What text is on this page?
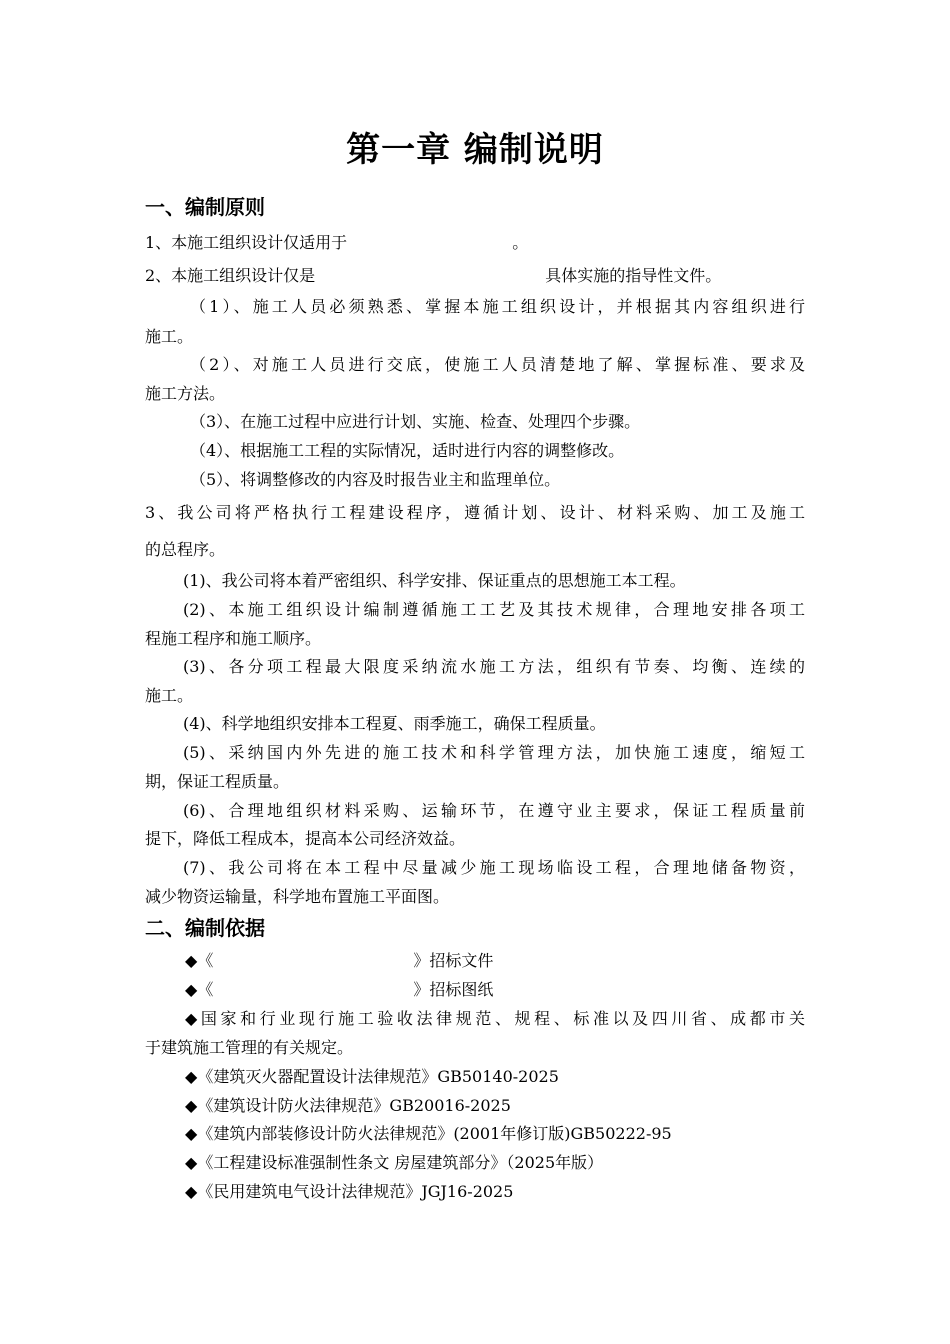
第一章 编制说明
一、编制原则
1、本施工组织设计仅适用于	。
2、本施工组织设计仅是	具体实施的指导性文件。
（1）、施工人员必须熟悉、掌握本施工组织设计，并根据其内容组织进行
施工。
（2）、对施工人员进行交底，使施工人员清楚地了解、掌握标准、要求及
施工方法。
（3）、在施工过程中应进行计划、实施、检查、处理四个步骤。
（4）、根据施工工程的实际情况，适时进行内容的调整修改。
（5）、将调整修改的内容及时报告业主和监理单位。
3、我公司将严格执行工程建设程序，遵循计划、设计、材料采购、加工及施工
的总程序。
(1)、我公司将本着严密组织、科学安排、保证重点的思想施工本工程。
(2)、本施工组织设计编制遵循施工工艺及其技术规律，合理地安排各项工
程施工程序和施工顺序。
(3)、各分项工程最大限度采纳流水施工方法，组织有节奏、均衡、连续的
施工。
(4)、科学地组织安排本工程夏、雨季施工，确保工程质量。
(5)、采纳国内外先进的施工技术和科学管理方法，加快施工速度，缩短工
期，保证工程质量。
(6)、合理地组织材料采购、运输环节，在遵守业主要求，保证工程质量前
提下，降低工程成本，提高本公司经济效益。
(7)、我公司将在本工程中尽量减少施工现场临设工程，合理地储备物资，
减少物资运输量，科学地布置施工平面图。
二、编制依据
◆《	》招标文件
◆《	》招标图纸
◆国家和行业现行施工验收法律规范、规程、标准以及四川省、成都市关
于建筑施工管理的有关规定。
◆《建筑灭火器配置设计法律规范》GB50140-2025
◆《建筑设计防火法律规范》GB20016-2025
◆《建筑内部装修设计防火法律规范》(2001年修订版)GB50222-95
◆《工程建设标准强制性条文 房屋建筑部分》（2025年版）
◆《民用建筑电气设计法律规范》JGJ16-2025
